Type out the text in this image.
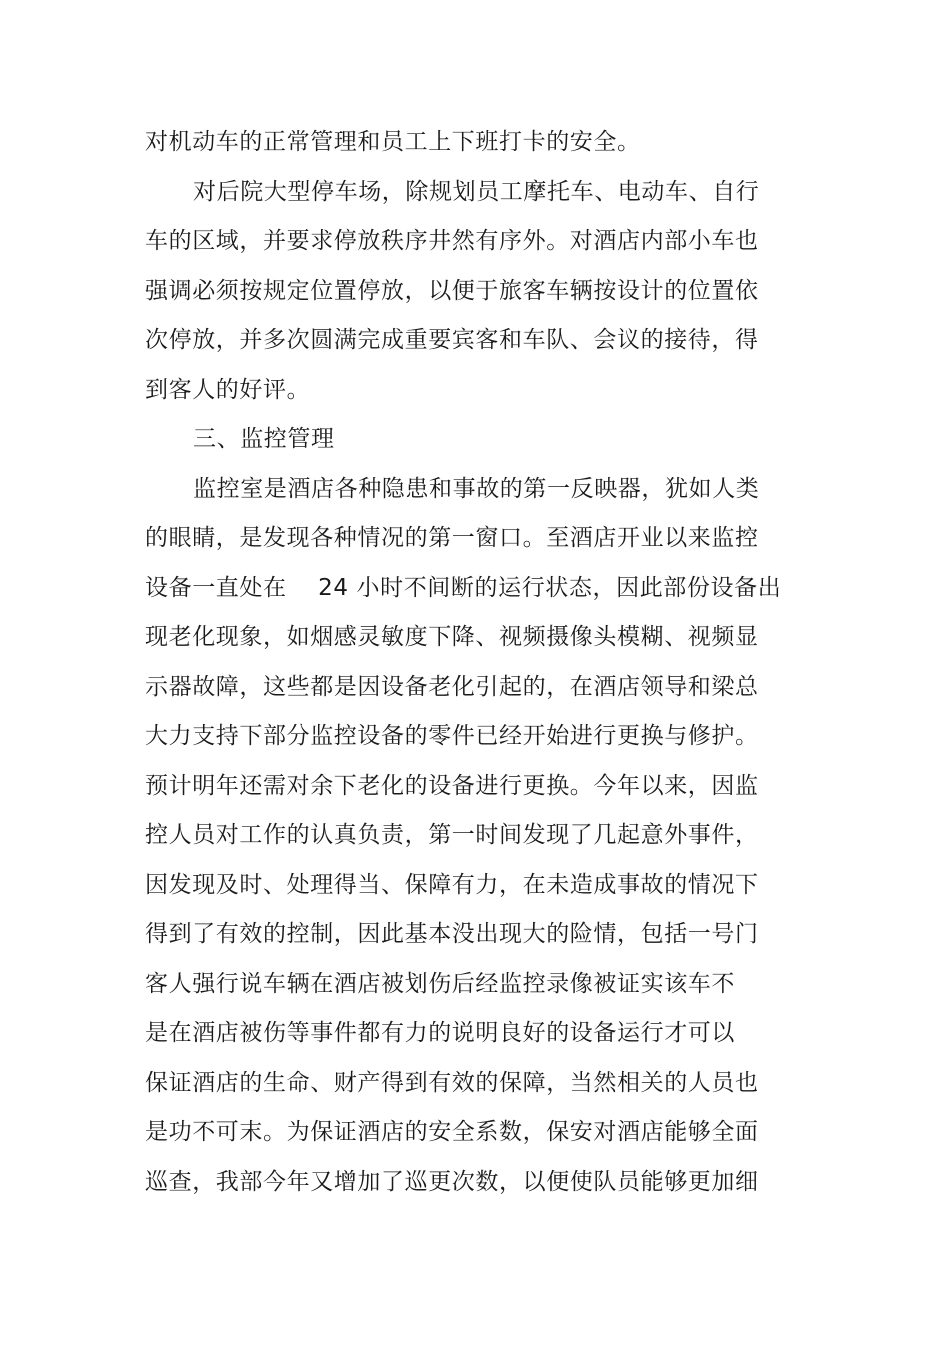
对机动车的正常管理和员工上下班打卡的安全。
对后院大型停车场，除规划员工摩托车、电动车、自行
车的区域，并要求停放秩序井然有序外。对酒店内部小车也
强调必须按规定位置停放，以便于旅客车辆按设计的位置依
次停放，并多次圆满完成重要宾客和车队、会议的接待，得
到客人的好评。
三、监控管理
监控室是酒店各种隐患和事故的第一反映器，犹如人类
的眼睛，是发现各种情况的第一窗口。至酒店开业以来监控
设备一直处在　 24 小时不间断的运行状态，因此部份设备出
现老化现象，如烟感灵敏度下降、视频摄像头模糊、视频显
示器故障，这些都是因设备老化引起的，在酒店领导和梁总
大力支持下部分监控设备的零件已经开始进行更换与修护。
预计明年还需对余下老化的设备进行更换。今年以来，因监
控人员对工作的认真负责，第一时间发现了几起意外事件，
因发现及时、处理得当、保障有力，在未造成事故的情况下
得到了有效的控制，因此基本没出现大的险情，包括一号门
客人强行说车辆在酒店被划伤后经监控录像被证实该车不
是在酒店被伤等事件都有力的说明良好的设备运行才可以
保证酒店的生命、财产得到有效的保障，当然相关的人员也
是功不可末。为保证酒店的安全系数，保安对酒店能够全面
巡查，我部今年又增加了巡更次数，以便使队员能够更加细
